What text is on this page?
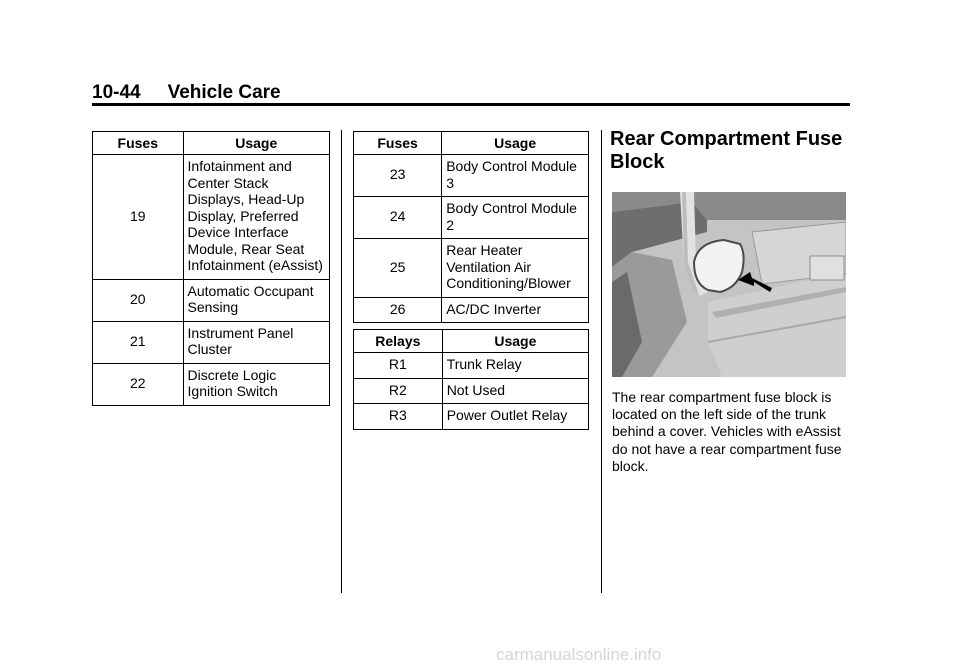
10-44 Vehicle Care
Fuses	Usage
19	Infotainment and Center Stack Displays, Head-Up Display, Preferred Device Interface Module, Rear Seat Infotainment (eAssist)
20	Automatic Occupant Sensing
21	Instrument Panel Cluster
22	Discrete Logic Ignition Switch
Fuses	Usage
23	Body Control Module 3
24	Body Control Module 2
25	Rear Heater Ventilation Air Conditioning/Blower
26	AC/DC Inverter
Relays	Usage
R1	Trunk Relay
R2	Not Used
R3	Power Outlet Relay
Rear Compartment Fuse Block
The rear compartment fuse block is located on the left side of the trunk behind a cover. Vehicles with eAssist do not have a rear compartment fuse block.
carmanualsonline.info
